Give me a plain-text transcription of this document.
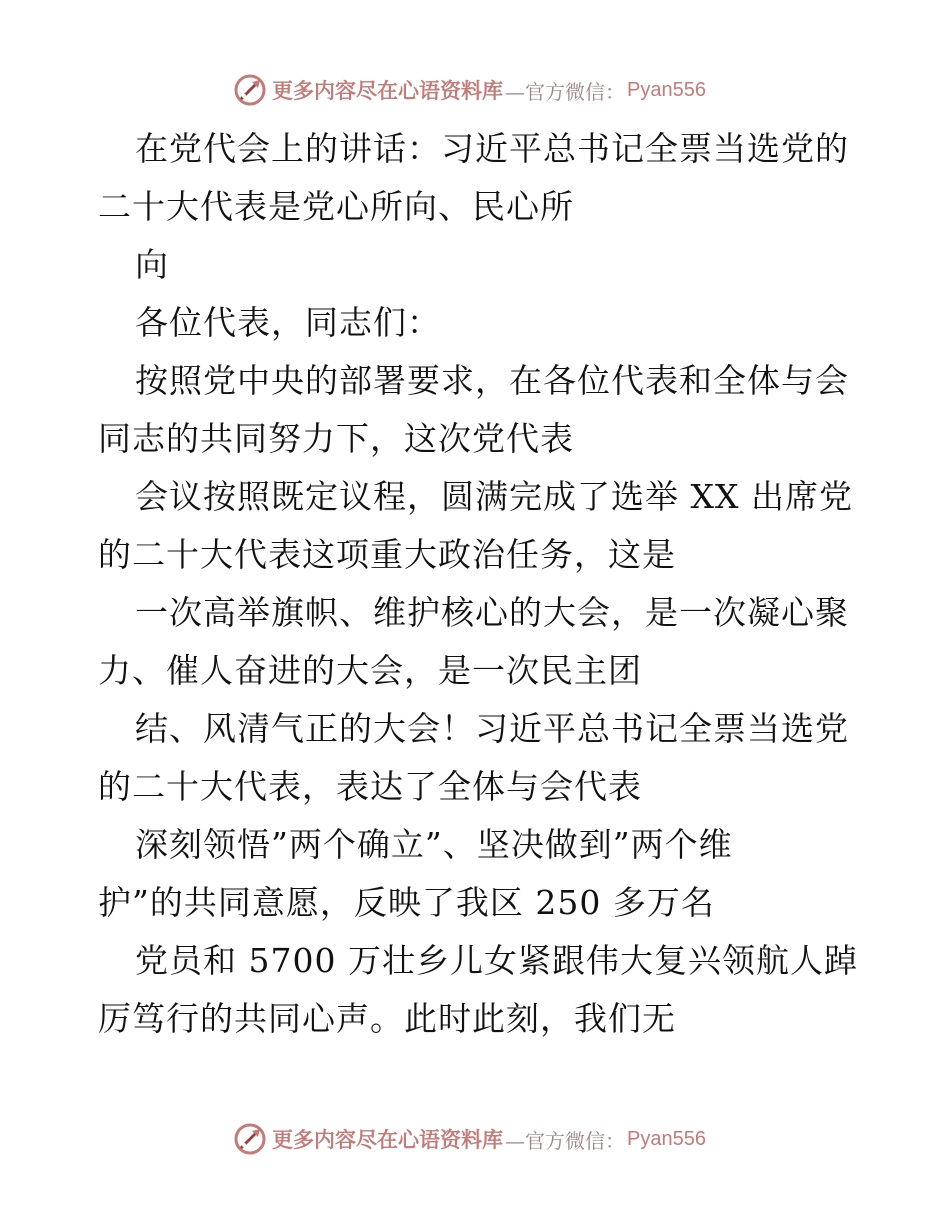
更多内容尽在心语资料库 —官方微信： Pyan556
在党代会上的讲话：习近平总书记全票当选党的
二十大代表是党心所向、民心所
向
各位代表，同志们：
按照党中央的部署要求，在各位代表和全体与会
同志的共同努力下，这次党代表
会议按照既定议程，圆满完成了选举 XX 出席党
的二十大代表这项重大政治任务，这是
一次高举旗帜、维护核心的大会，是一次凝心聚
力、催人奋进的大会，是一次民主团
结、风清气正的大会！习近平总书记全票当选党
的二十大代表，表达了全体与会代表
深刻领悟”两个确立”、坚决做到”两个维
护”的共同意愿，反映了我区 250 多万名
党员和 5700 万壮乡儿女紧跟伟大复兴领航人踔
厉笃行的共同心声。此时此刻，我们无
更多内容尽在心语资料库 —官方微信： Pyan556
